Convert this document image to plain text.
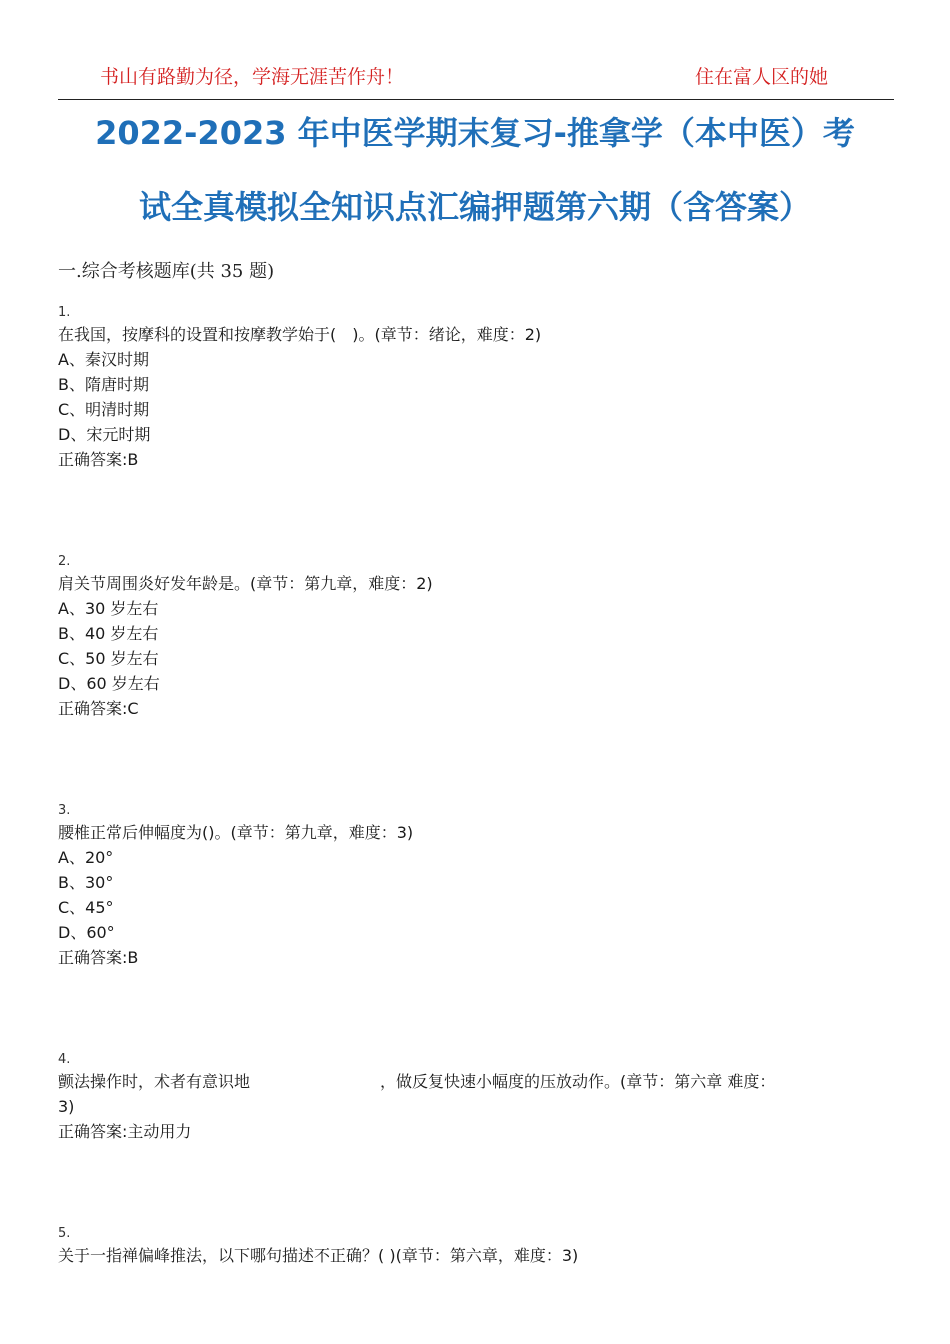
书山有路勤为径，学海无涯苦作舟！	住在富人区的她
2022-2023 年中医学期末复习-推拿学（本中医）考
试全真模拟全知识点汇编押题第六期（含答案）
一.综合考核题库(共 35 题)
1.
在我国，按摩科的设置和按摩教学始于(　)。(章节：绪论，难度：2)
A、秦汉时期
B、隋唐时期
C、明清时期
D、宋元时期
正确答案:B
2.
肩关节周围炎好发年龄是。(章节：第九章，难度：2)
A、30 岁左右
B、40 岁左右
C、50 岁左右
D、60 岁左右
正确答案:C
3.
腰椎正常后伸幅度为()。(章节：第九章，难度：3)
A、20°
B、30°
C、45°
D、60°
正确答案:B
4.
颤法操作时，术者有意识地	，做反复快速小幅度的压放动作。(章节：第六章 难度：
3)
正确答案:主动用力
5.
关于一指禅偏峰推法，以下哪句描述不正确？( )(章节：第六章，难度：3)
